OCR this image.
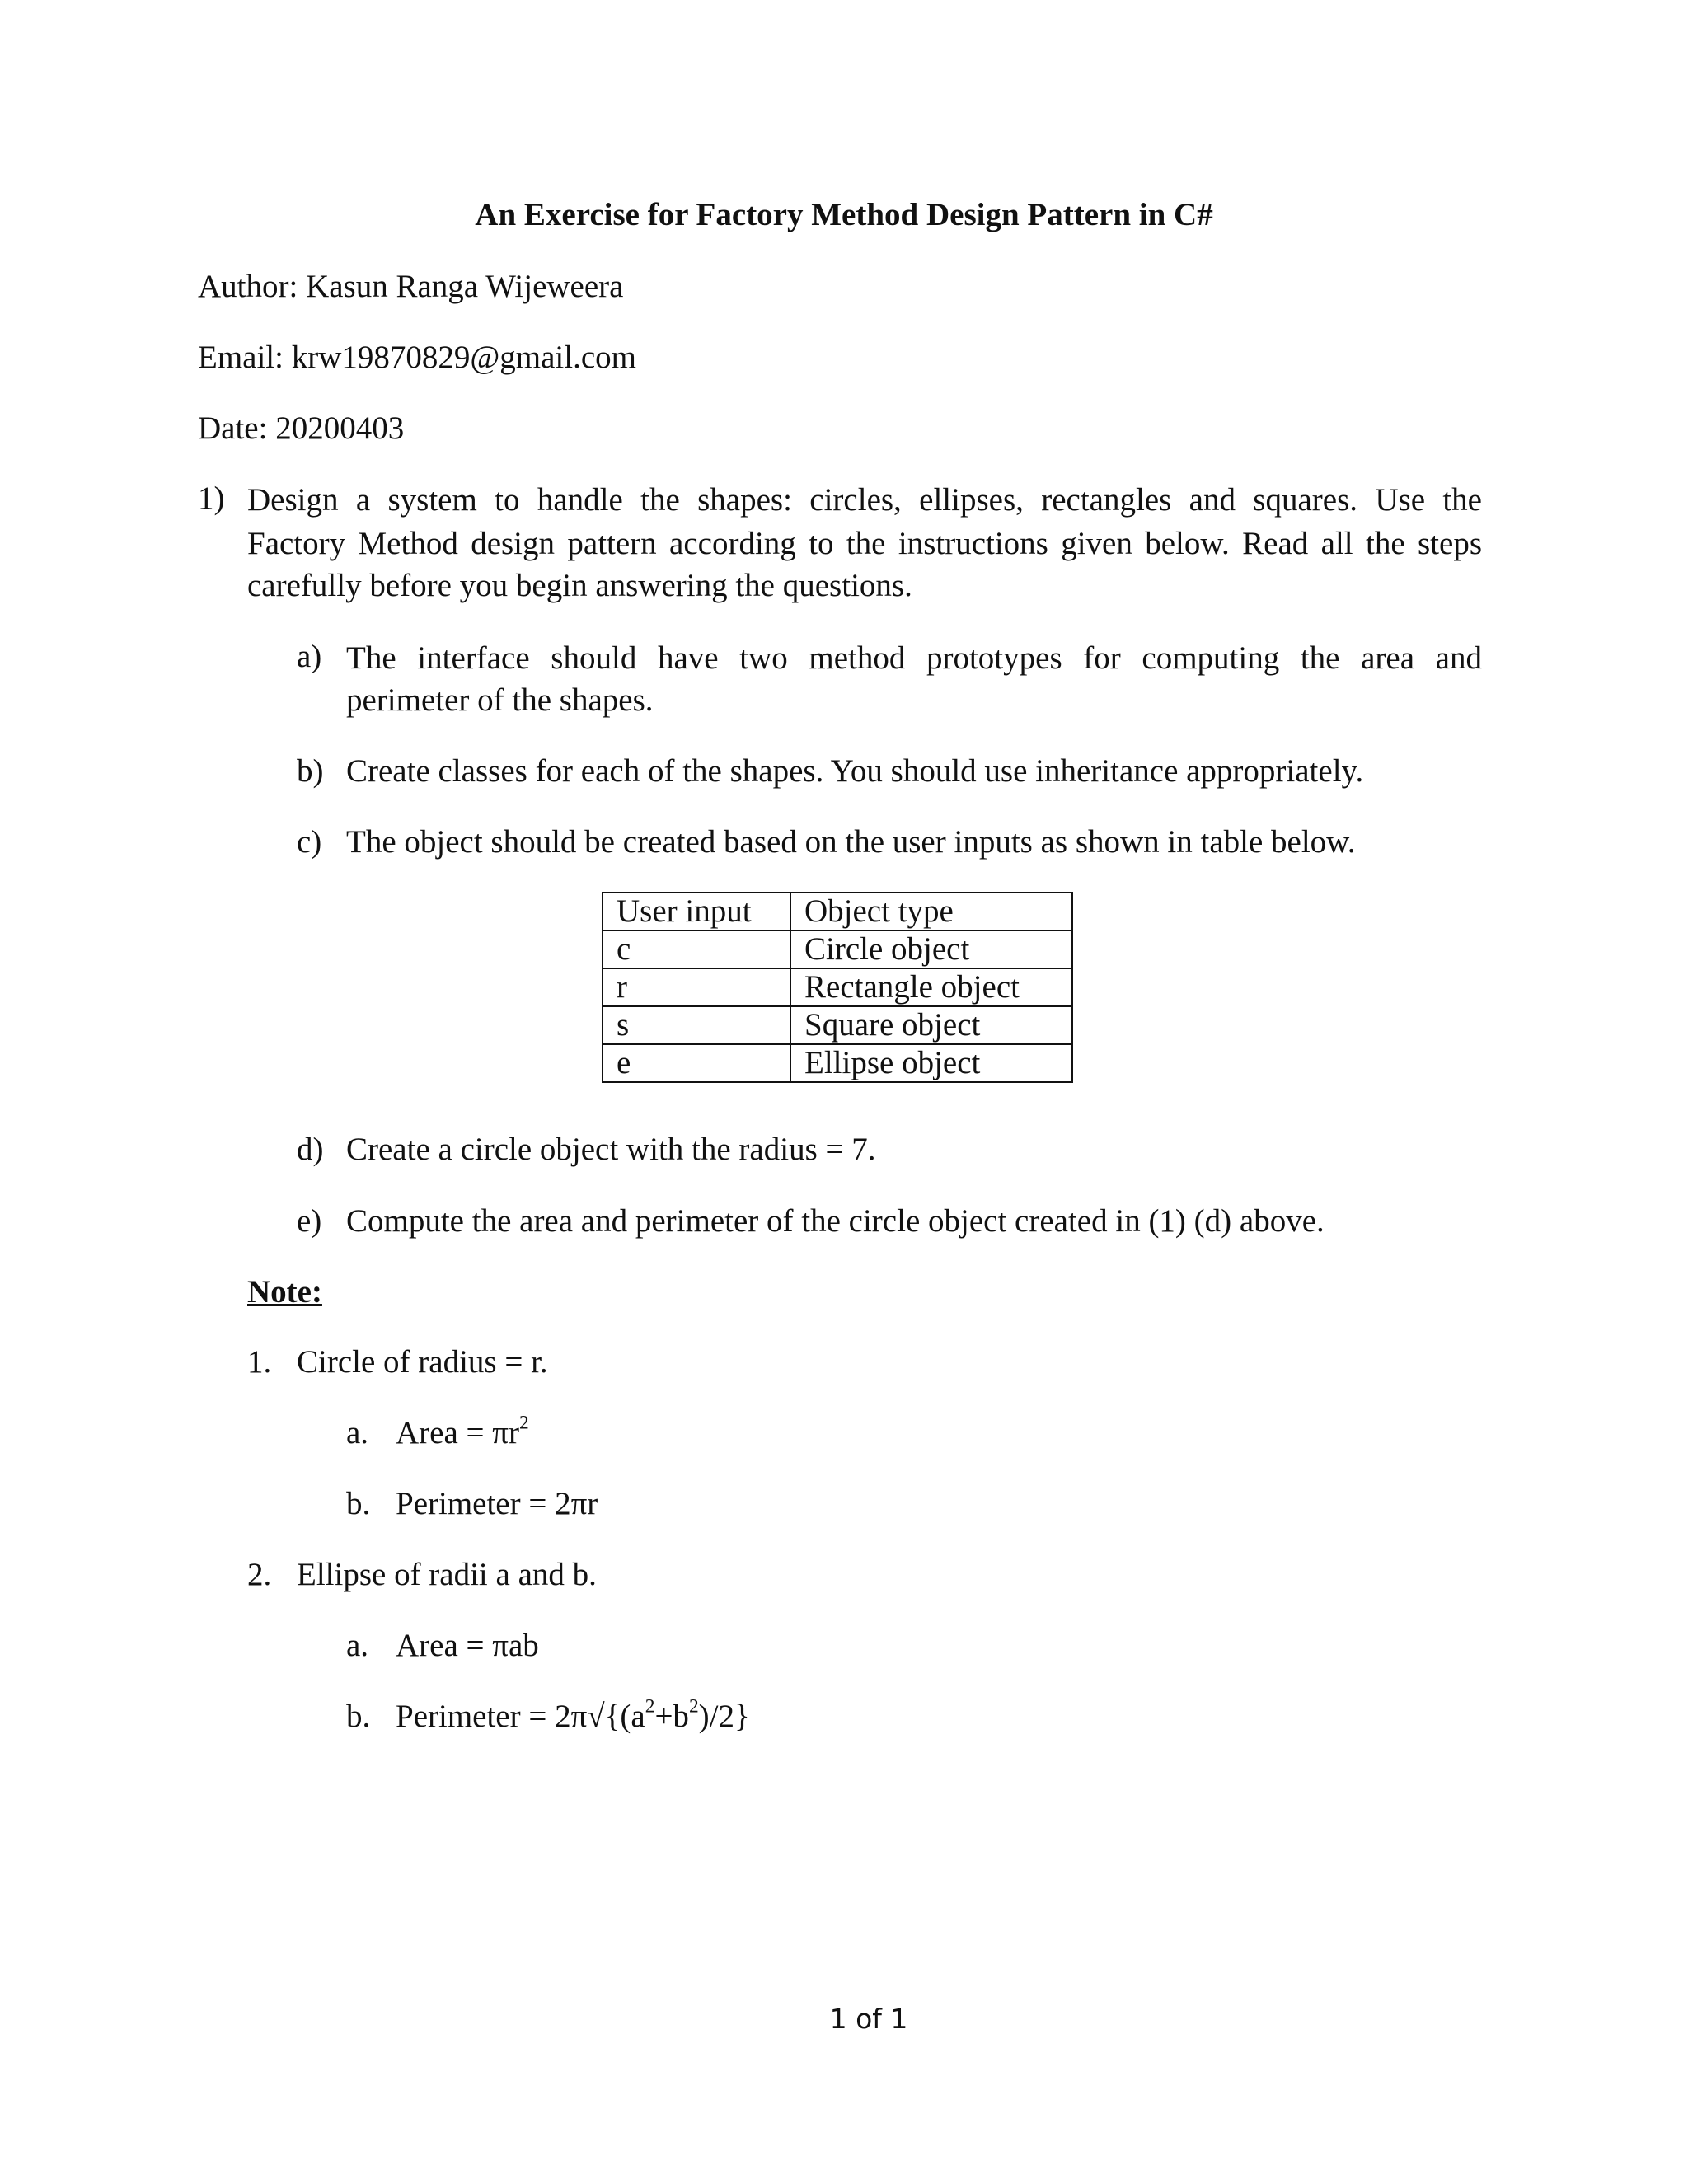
An Exercise for Factory Method Design Pattern in C#
Author: Kasun Ranga Wijeweera
Email: krw19870829@gmail.com
Date: 20200403
1) Design a system to handle the shapes: circles, ellipses, rectangles and squares. Use the
Factory Method design pattern according to the instructions given below. Read all the steps
carefully before you begin answering the questions.
a) The interface should have two method prototypes for computing the area and
perimeter of the shapes.
b) Create classes for each of the shapes. You should use inheritance appropriately.
c) The object should be created based on the user inputs as shown in table below.
User input	Object type
c	Circle object
r	Rectangle object
s	Square object
e	Ellipse object
d) Create a circle object with the radius = 7.
e) Compute the area and perimeter of the circle object created in (1) (d) above.
Note:
1. Circle of radius = r.
a. Area = $\pi r^2$
b. Perimeter = 2πr
2. Ellipse of radii a and b.
a. Area = πab
b. Perimeter = $2\pi√\{(a^2+b^2)/2\}$
1 of 1
